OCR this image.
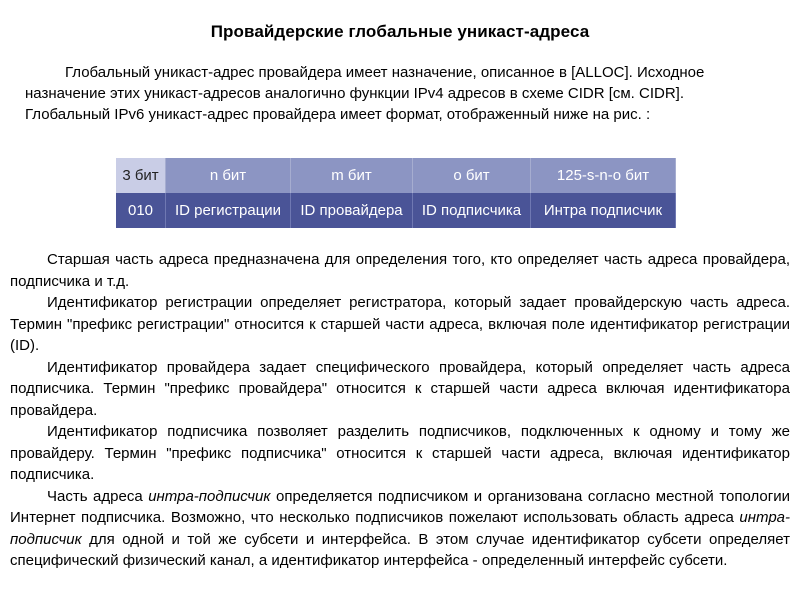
Провайдерские глобальные уникаст-адреса

Глобальный уникаст-адрес провайдера имеет назначение, описанное в [ALLOC]. Исходное назначение этих уникаст-адресов аналогично функции IPv4 адресов в схеме CIDR [см. CIDR]. Глобальный IPv6 уникаст-адрес провайдера имеет формат, отображенный ниже на рис. :

3 бит	n бит	m бит	o бит	125-s-n-o бит
010	ID регистрации	ID провайдера	ID подписчика	Интра подписчик

Старшая часть адреса предназначена для определения того, кто определяет часть адреса провайдера, подписчика и т.д.

Идентификатор регистрации определяет регистратора, который задает провайдерскую часть адреса. Термин "префикс регистрации" относится к старшей части адреса, включая поле идентификатор регистрации (ID).

Идентификатор провайдера задает специфического провайдера, который определяет часть адреса подписчика. Термин "префикс провайдера" относится к старшей части адреса включая идентификатора провайдера.

Идентификатор подписчика позволяет разделить подписчиков, подключенных к одному и тому же провайдеру. Термин "префикс подписчика" относится к старшей части адреса, включая идентификатор подписчика.

Часть адреса интра-подписчик определяется подписчиком и организована согласно местной топологии Интернет подписчика. Возможно, что несколько подписчиков пожелают использовать область адреса интра-подписчик для одной и той же субсети и интерфейса. В этом случае идентификатор субсети определяет специфический физический канал, а идентификатор интерфейса - определенный интерфейс субсети.
